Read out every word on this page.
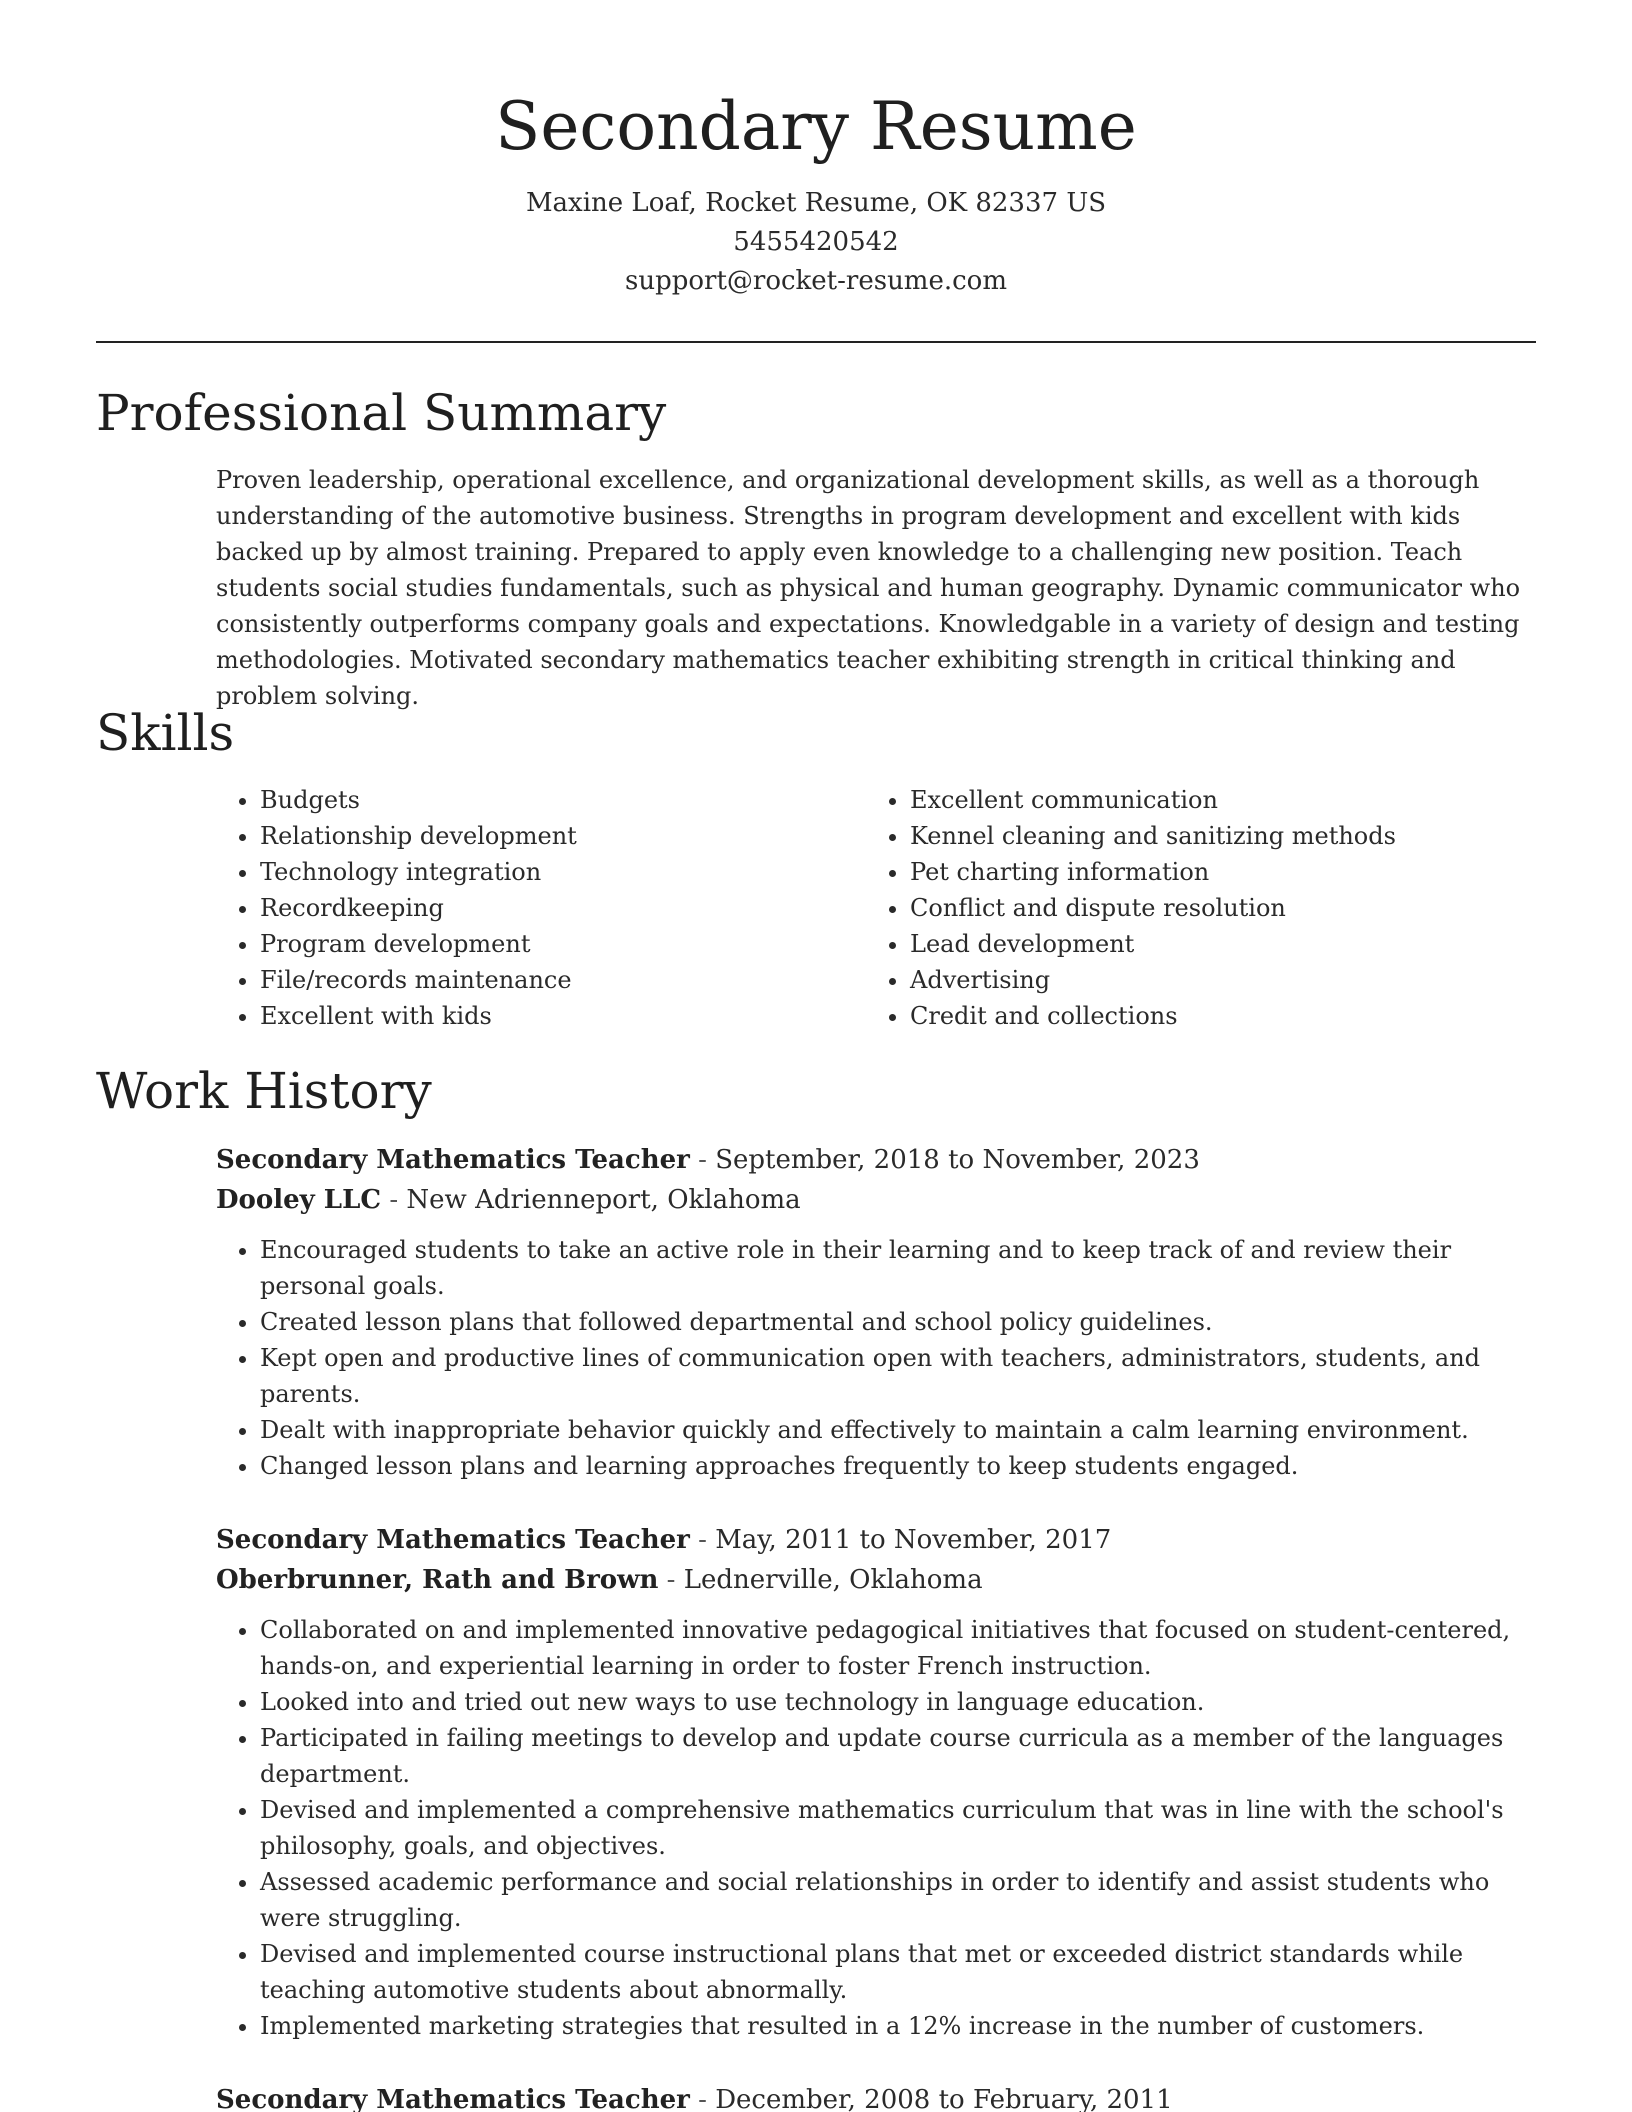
Secondary Resume
Maxine Loaf, Rocket Resume, OK 82337 US
5455420542
support@rocket-resume.com
Professional Summary

Proven leadership, operational excellence, and organizational development skills, as well as a thorough understanding of the automotive business. Strengths in program development and excellent with kids backed up by almost training. Prepared to apply even knowledge to a challenging new position. Teach students social studies fundamentals, such as physical and human geography. Dynamic communicator who consistently outperforms company goals and expectations. Knowledgable in a variety of design and testing methodologies. Motivated secondary mathematics teacher exhibiting strength in critical thinking and problem solving.

Skills
• Budgets
• Relationship development
• Technology integration
• Recordkeeping
• Program development
• File/records maintenance
• Excellent with kids
• Excellent communication
• Kennel cleaning and sanitizing methods
• Pet charting information
• Conflict and dispute resolution
• Lead development
• Advertising
• Credit and collections
Work History
Secondary Mathematics Teacher - September, 2018 to November, 2023
Dooley LLC - New Adrienneport, Oklahoma
• Encouraged students to take an active role in their learning and to keep track of and review their personal goals.
• Created lesson plans that followed departmental and school policy guidelines.
• Kept open and productive lines of communication open with teachers, administrators, students, and parents.
• Dealt with inappropriate behavior quickly and effectively to maintain a calm learning environment.
• Changed lesson plans and learning approaches frequently to keep students engaged.
Secondary Mathematics Teacher - May, 2011 to November, 2017
Oberbrunner, Rath and Brown - Lednerville, Oklahoma
• Collaborated on and implemented innovative pedagogical initiatives that focused on student-centered, hands-on, and experiential learning in order to foster French instruction.
• Looked into and tried out new ways to use technology in language education.
• Participated in failing meetings to develop and update course curricula as a member of the languages department.
• Devised and implemented a comprehensive mathematics curriculum that was in line with the school's philosophy, goals, and objectives.
• Assessed academic performance and social relationships in order to identify and assist students who were struggling.
• Devised and implemented course instructional plans that met or exceeded district standards while teaching automotive students about abnormally.
• Implemented marketing strategies that resulted in a 12% increase in the number of customers.
Secondary Mathematics Teacher - December, 2008 to February, 2011
